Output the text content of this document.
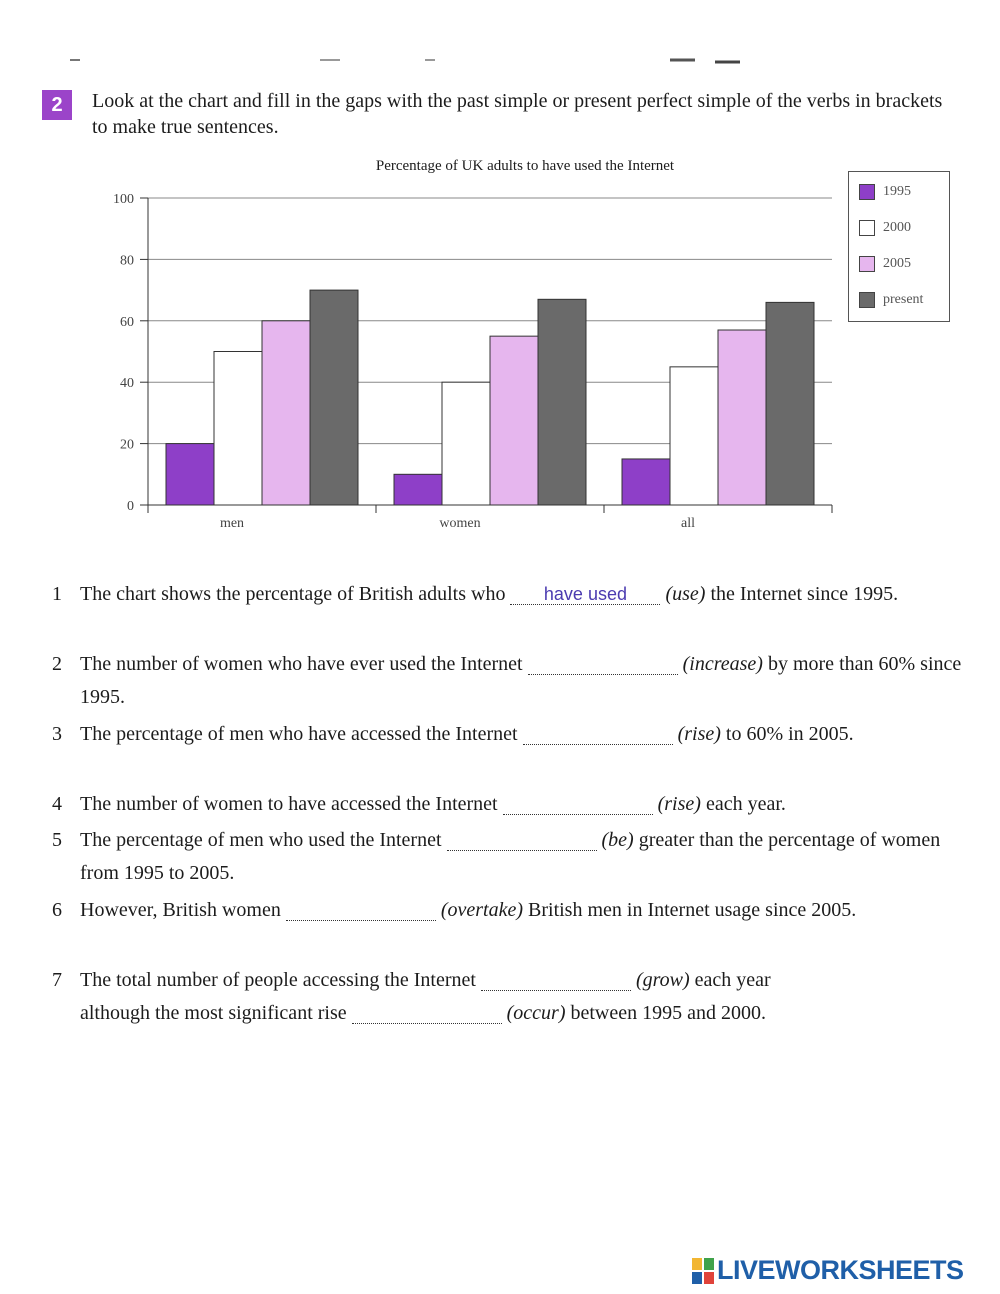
2	Look at the chart and fill in the gaps with the past simple or present perfect simple of the verbs in brackets to make true sentences.
Percentage of UK adults to have used the Internet
0
20
40
60
80
100
men	women	all
1995
2000
2005
present
1 The chart shows the percentage of British adults who have used (use) the Internet since 1995.
2 The number of women who have ever used the Internet	(increase) by more than 60% since 1995.
3 The percentage of men who have accessed the Internet	(rise) to 60% in 2005.
4 The number of women to have accessed the Internet	(rise) each year.
5 The percentage of men who used the Internet	(be) greater than the percentage of women from 1995 to 2005.
6 However, British women	(overtake) British men in Internet usage since 2005.
7 The total number of people accessing the Internet	(grow) each year
although the most significant rise	(occur) between 1995 and 2000.
LIVEWORKSHEETS
